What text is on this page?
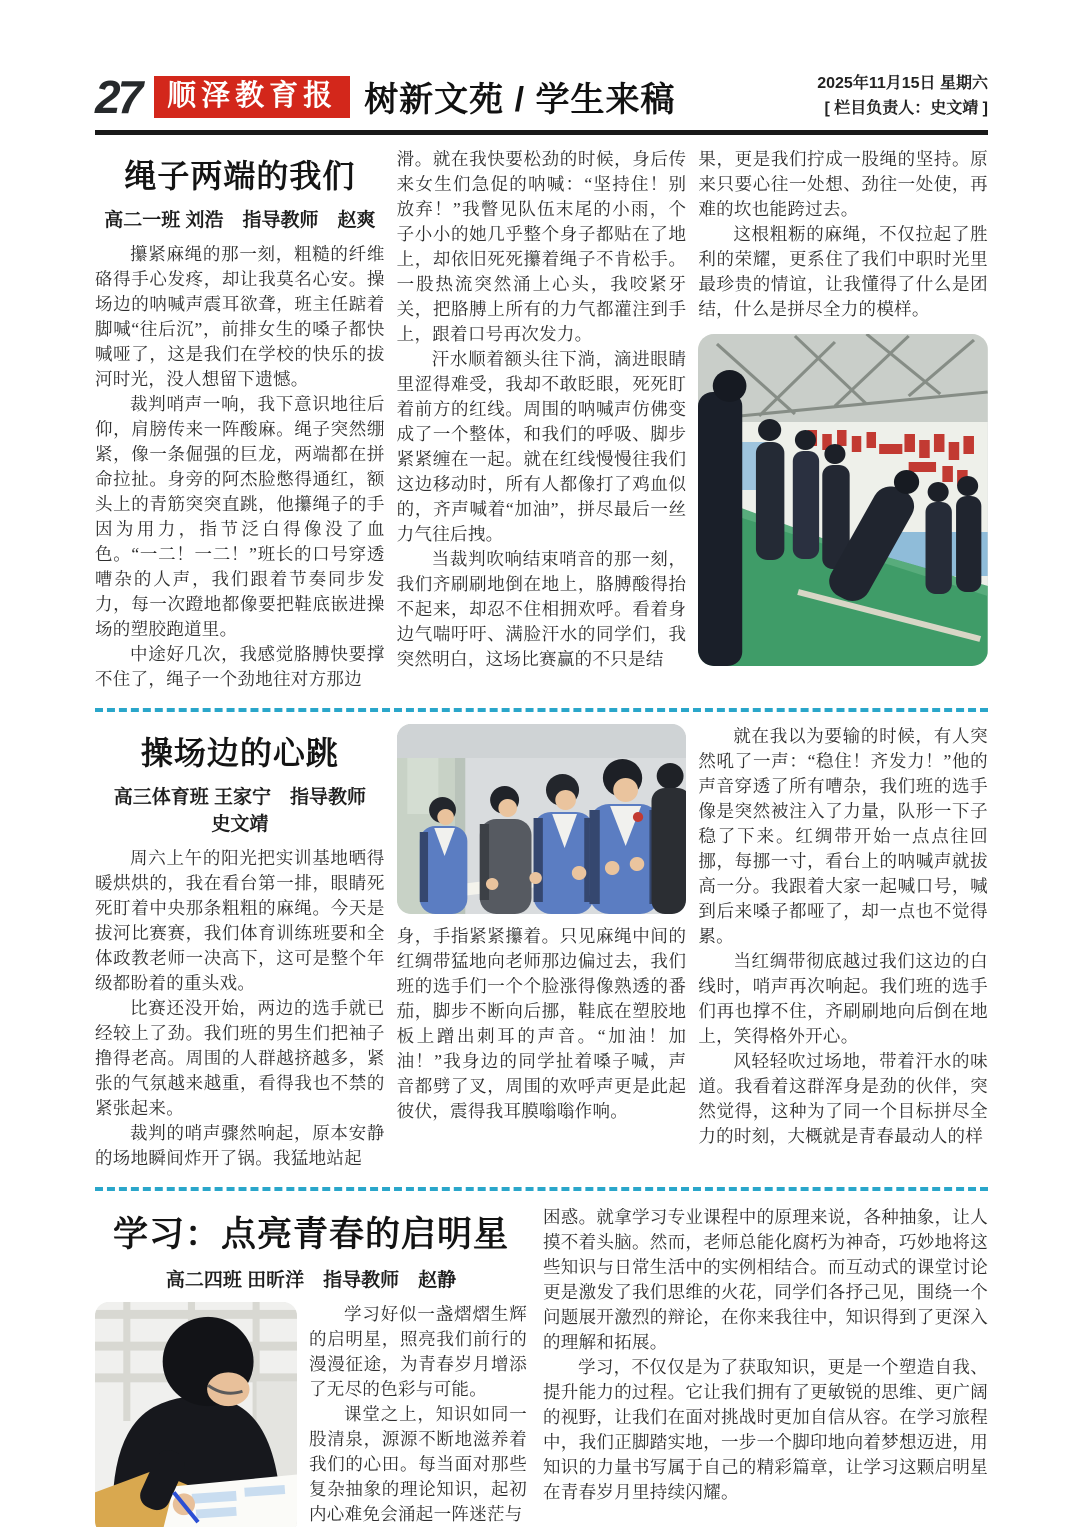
27 顺泽教育报 树新文苑 / 学生来稿	2025年11月15日 星期六
[ 栏目负责人：史文靖 ]
绳子两端的我们
高二一班 刘浩　指导教师　赵爽

攥紧麻绳的那一刻，粗糙的纤维硌得手心发疼，却让我莫名心安。操场边的呐喊声震耳欲聋，班主任踮着脚喊“往后沉”，前排女生的嗓子都快喊哑了，这是我们在学校的快乐的拔河时光，没人想留下遗憾。

裁判哨声一响，我下意识地往后仰，肩膀传来一阵酸麻。绳子突然绷紧，像一条倔强的巨龙，两端都在拼命拉扯。身旁的阿杰脸憋得通红，额头上的青筋突突直跳，他攥绳子的手因为用力，指节泛白得像没了血色。“一二！一二！”班长的口号穿透嘈杂的人声，我们跟着节奏同步发力，每一次蹬地都像要把鞋底嵌进操场的塑胶跑道里。

中途好几次，我感觉胳膊快要撑不住了，绳子一个劲地往对方那边

滑。就在我快要松劲的时候，身后传来女生们急促的呐喊：“坚持住！别放弃！”我瞥见队伍末尾的小雨，个子小小的她几乎整个身子都贴在了地上，却依旧死死攥着绳子不肯松手。一股热流突然涌上心头，我咬紧牙关，把胳膊上所有的力气都灌注到手上，跟着口号再次发力。

汗水顺着额头往下淌，滴进眼睛里涩得难受，我却不敢眨眼，死死盯着前方的红线。周围的呐喊声仿佛变成了一个整体，和我们的呼吸、脚步紧紧缠在一起。就在红线慢慢往我们这边移动时，所有人都像打了鸡血似的，齐声喊着“加油”，拼尽最后一丝力气往后拽。

当裁判吹响结束哨音的那一刻，我们齐刷刷地倒在地上，胳膊酸得抬不起来，却忍不住相拥欢呼。看着身边气喘吁吁、满脸汗水的同学们，我突然明白，这场比赛赢的不只是结

果，更是我们拧成一股绳的坚持。原来只要心往一处想、劲往一处使，再难的坎也能跨过去。

这根粗粝的麻绳，不仅拉起了胜利的荣耀，更系住了我们中职时光里最珍贵的情谊，让我懂得了什么是团结，什么是拼尽全力的模样。

操场边的心跳
高三体育班 王家宁　指导教师　史文靖

周六上午的阳光把实训基地晒得暖烘烘的，我在看台第一排，眼睛死死盯着中央那条粗粗的麻绳。今天是拔河比赛赛，我们体育训练班要和全体政教老师一决高下，这可是整个年级都盼着的重头戏。

比赛还没开始，两边的选手就已经较上了劲。我们班的男生们把袖子撸得老高。周围的人群越挤越多，紧张的气氛越来越重，看得我也不禁的紧张起来。

裁判的哨声骤然响起，原本安静的场地瞬间炸开了锅。我猛地站起

身，手指紧紧攥着。只见麻绳中间的红绸带猛地向老师那边偏过去，我们班的选手们一个个脸涨得像熟透的番茄，脚步不断向后挪，鞋底在塑胶地板上蹭出刺耳的声音。“加油！加油！”我身边的同学扯着嗓子喊，声音都劈了叉，周围的欢呼声更是此起彼伏，震得我耳膜嗡嗡作响。

就在我以为要输的时候，有人突然吼了一声：“稳住！齐发力！”他的声音穿透了所有嘈杂，我们班的选手像是突然被注入了力量，队形一下子稳了下来。红绸带开始一点点往回挪，每挪一寸，看台上的呐喊声就拔高一分。我跟着大家一起喊口号，喊到后来嗓子都哑了，却一点也不觉得累。

当红绸带彻底越过我们这边的白线时，哨声再次响起。我们班的选手们再也撑不住，齐刷刷地向后倒在地上，笑得格外开心。

风轻轻吹过场地，带着汗水的味道。我看着这群浑身是劲的伙伴，突然觉得，这种为了同一个目标拼尽全力的时刻，大概就是青春最动人的样

学习：点亮青春的启明星
高二四班 田昕洋　指导教师　赵静

学习好似一盏熠熠生辉的启明星，照亮我们前行的漫漫征途，为青春岁月增添了无尽的色彩与可能。

课堂之上，知识如同一股清泉，源源不断地滋养着我们的心田。每当面对那些复杂抽象的理论知识，起初内心难免会涌起一阵迷茫与

困惑。就拿学习专业课程中的原理来说，各种抽象，让人摸不着头脑。然而，老师总能化腐朽为神奇，巧妙地将这些知识与日常生活中的实例相结合。而互动式的课堂讨论更是激发了我们思维的火花，同学们各抒己见，围绕一个问题展开激烈的辩论，在你来我往中，知识得到了更深入的理解和拓展。

学习，不仅仅是为了获取知识，更是一个塑造自我、提升能力的过程。它让我们拥有了更敏锐的思维、更广阔的视野，让我们在面对挑战时更加自信从容。在学习旅程中，我们正脚踏实地，一步一个脚印地向着梦想迈进，用知识的力量书写属于自己的精彩篇章，让学习这颗启明星在青春岁月里持续闪耀。
